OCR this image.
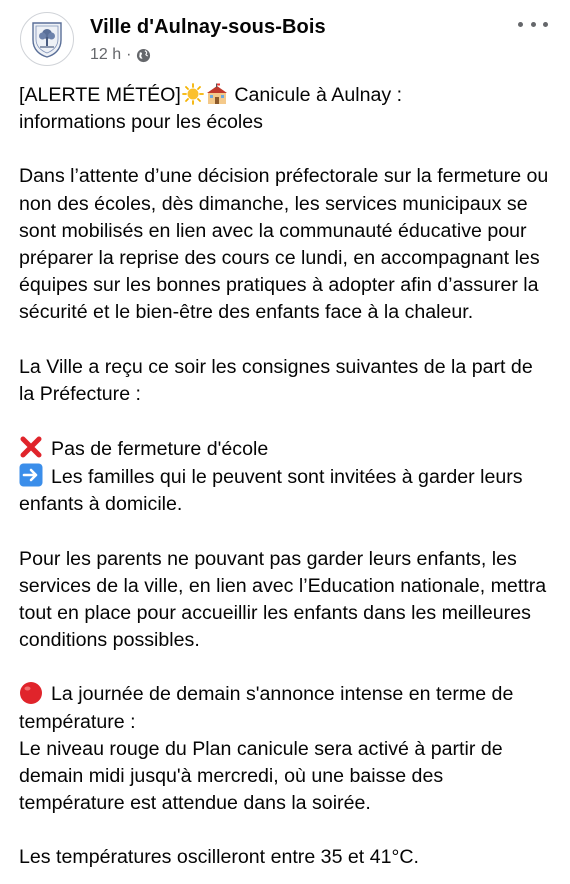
Ville d'Aulnay-sous-Bois
12 h ·

[ALERTE MÉTÉO]	Canicule à Aulnay :
informations pour les écoles

Dans l’attente d’une décision préfectorale sur la fermeture ou non des écoles, dès dimanche, les services municipaux se sont mobilisés en lien avec la communauté éducative pour préparer la reprise des cours ce lundi, en accompagnant les équipes sur les bonnes pratiques à adopter afin d’assurer la sécurité et le bien-être des enfants face à la chaleur.

La Ville a reçu ce soir les consignes suivantes de la part de la Préfecture :

Pas de fermeture d'école

Les familles qui le peuvent sont invitées à garder leurs enfants à domicile.

Pour les parents ne pouvant pas garder leurs enfants, les services de la ville, en lien avec l’Education nationale, mettra tout en place pour accueillir les enfants dans les meilleures conditions possibles.

La journée de demain s'annonce intense en terme de température :

Le niveau rouge du Plan canicule sera activé à partir de demain midi jusqu'à mercredi, où une baisse des température est attendue dans la soirée.

Les températures oscilleront entre 35 et 41°C.
